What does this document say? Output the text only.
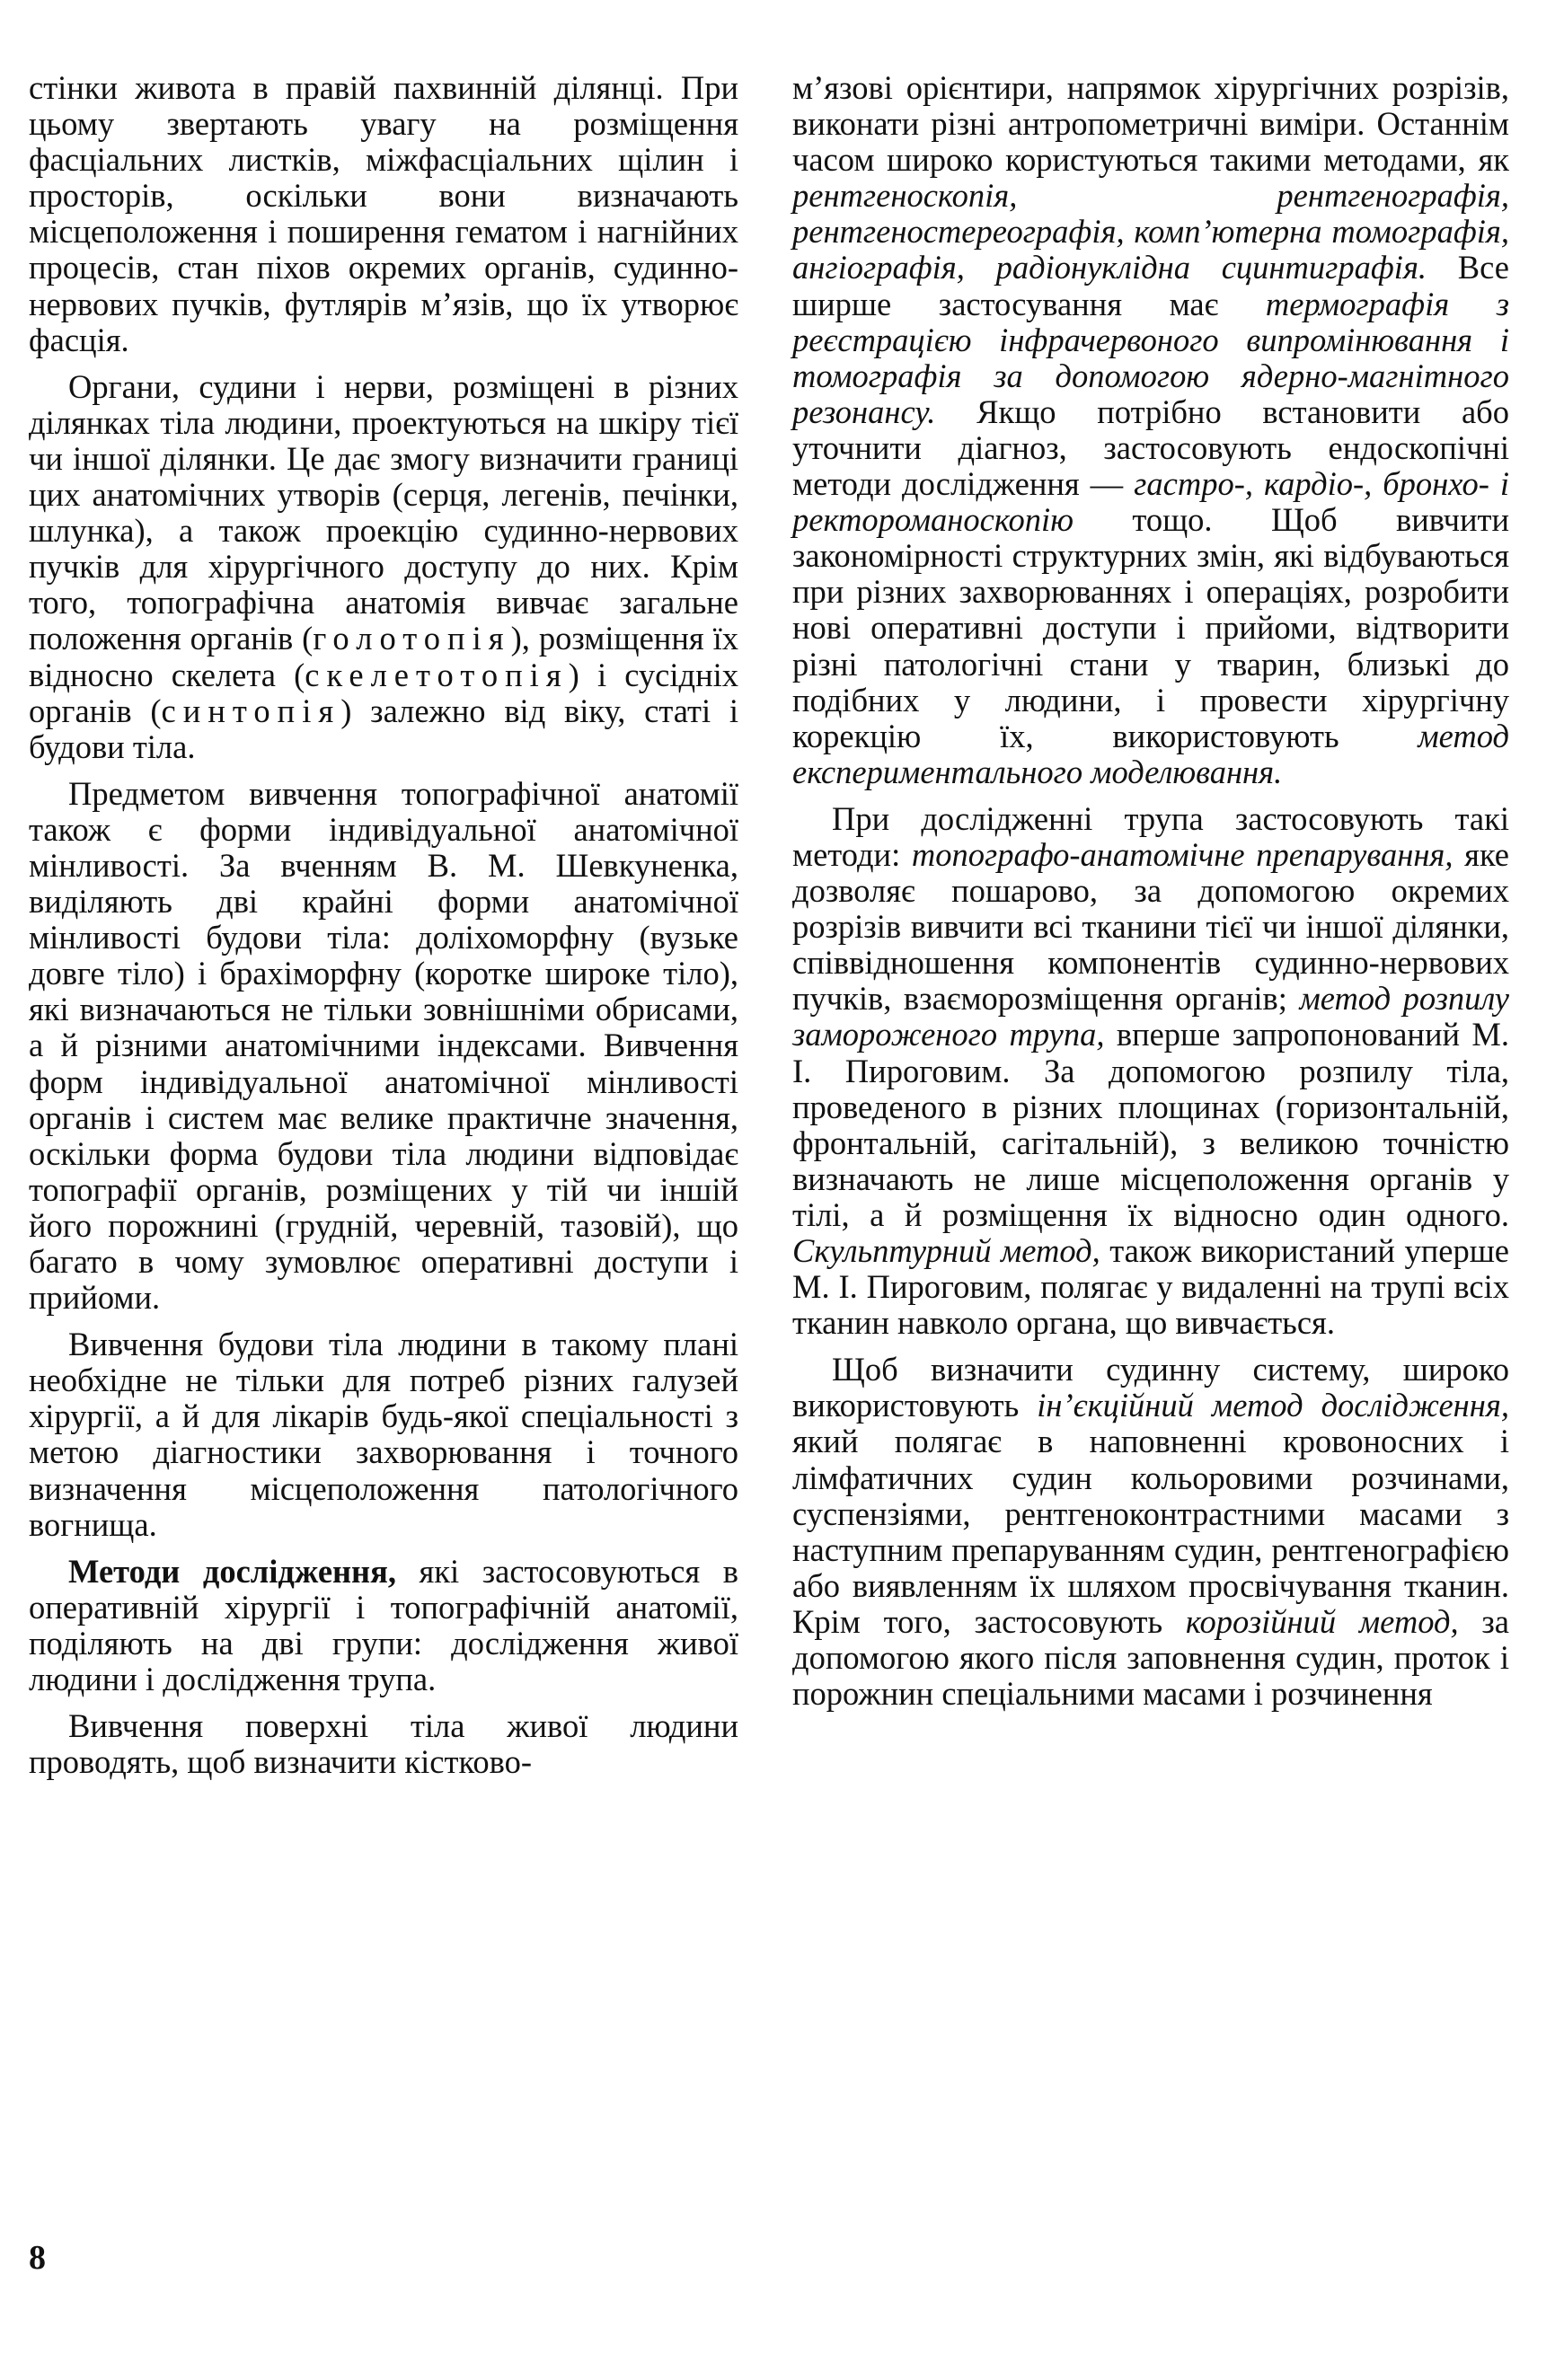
стінки живота в правій пахвинній ділянці. При цьому звертають увагу на розміщення фасціальних листків, міжфасціальних щілин і просторів, оскільки вони визначають місцеположення і поширення гематом і нагнійних процесів, стан піхов окремих органів, судинно-нервових пучків, футлярів м’язів, що їх утворює фасція.

Органи, судини і нерви, розміщені в різних ділянках тіла людини, проектуються на шкіру тієї чи іншої ділянки. Це дає змогу визначити границі цих анатомічних утворів (серця, легенів, печінки, шлунка), а також проекцію судинно-нервових пучків для хірургічного доступу до них. Крім того, топографічна анатомія вивчає загальне положення органів (голотопія), розміщення їх відносно скелета (скелетотопія) і сусідніх органів (синтопія) залежно від віку, статі і будови тіла.

Предметом вивчення топографічної анатомії також є форми індивідуальної анатомічної мінливості. За вченням В. М. Шевкуненка, виділяють дві крайні форми анатомічної мінливості будови тіла: доліхоморфну (вузьке довге тіло) і брахіморфну (коротке широке тіло), які визначаються не тільки зовнішніми обрисами, а й різними анатомічними індексами. Вивчення форм індивідуальної анатомічної мінливості органів і систем має велике практичне значення, оскільки форма будови тіла людини відповідає топографії органів, розміщених у тій чи іншій його порожнині (грудній, черевній, тазовій), що багато в чому зумовлює оперативні доступи і прийоми.

Вивчення будови тіла людини в такому плані необхідне не тільки для потреб різних галузей хірургії, а й для лікарів будь-якої спеціальності з метою діагностики захворювання і точного визначення місцеположення патологічного вогнища.

Методи дослідження, які застосовуються в оперативній хірургії і топографічній анатомії, поділяють на дві групи: дослідження живої людини і дослідження трупа.

Вивчення поверхні тіла живої людини проводять, щоб визначити кістково-

м’язові орієнтири, напрямок хірургічних розрізів, виконати різні антропометричні виміри. Останнім часом широко користуються такими методами, як рентгеноскопія, рентгенографія, рентгеностереографія, комп’ютерна томографія, ангіографія, радіонуклідна сцинтиграфія. Все ширше застосування має термографія з реєстрацією інфрачервоного випромінювання і томографія за допомогою ядерно-магнітного резонансу. Якщо потрібно встановити або уточнити діагноз, застосовують ендоскопічні методи дослідження — гастро-, кардіо-, бронхо- і ректороманоскопію тощо. Щоб вивчити закономірності структурних змін, які відбуваються при різних захворюваннях і операціях, розробити нові оперативні доступи і прийоми, відтворити різні патологічні стани у тварин, близькі до подібних у людини, і провести хірургічну корекцію їх, використовують метод експериментального моделювання.

При дослідженні трупа застосовують такі методи: топографо-анатомічне препарування, яке дозволяє пошарово, за допомогою окремих розрізів вивчити всі тканини тієї чи іншої ділянки, співвідношення компонентів судинно-нервових пучків, взаєморозміщення органів; метод розпилу замороженого трупа, вперше запропонований М. І. Пироговим. За допомогою розпилу тіла, проведеного в різних площинах (горизонтальній, фронтальній, сагітальній), з великою точністю визначають не лише місцеположення органів у тілі, а й розміщення їх відносно один одного. Скульптурний метод, також використаний уперше М. І. Пироговим, полягає у видаленні на трупі всіх тканин навколо органа, що вивчається.

Щоб визначити судинну систему, широко використовують ін’єкційний метод дослідження, який полягає в наповненні кровоносних і лімфатичних судин кольоровими розчинами, суспензіями, рентгеноконтрастними масами з наступним препаруванням судин, рентгенографією або виявленням їх шляхом просвічування тканин. Крім того, застосовують корозійний метод, за допомогою якого після заповнення судин, проток і порожнин спеціальними масами і розчинення

8
